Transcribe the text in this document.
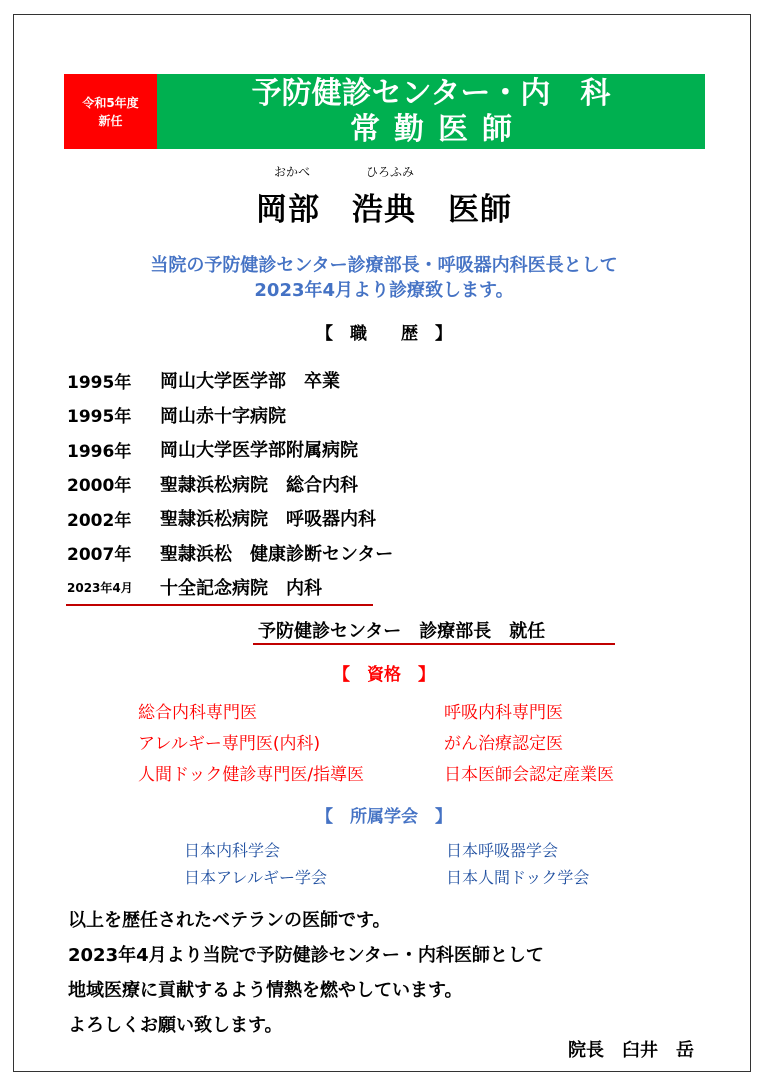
令和5年度
新任
予防健診センター・内　科
常勤医師
おかべ	ひろふみ
岡部　浩典　医師
当院の予防健診センター診療部長・呼吸器内科医長として
2023年4月より診療致します。
【　職　　歴　】
1995年	岡山大学医学部　卒業
1995年	岡山赤十字病院
1996年	岡山大学医学部附属病院
2000年	聖隷浜松病院　総合内科
2002年	聖隷浜松病院　呼吸器内科
2007年	聖隷浜松　健康診断センター
2023年4月	十全記念病院　内科
予防健診センター　診療部長　就任
【　資格　】
総合内科専門医	呼吸内科専門医
アレルギー専門医(内科)	がん治療認定医
人間ドック健診専門医/指導医	日本医師会認定産業医
【　所属学会　】
日本内科学会	日本呼吸器学会
日本アレルギー学会	日本人間ドック学会
以上を歴任されたベテランの医師です。
2023年4月より当院で予防健診センター・内科医師として
地域医療に貢献するよう情熱を燃やしています。
よろしくお願い致します。
院長　臼井　岳
